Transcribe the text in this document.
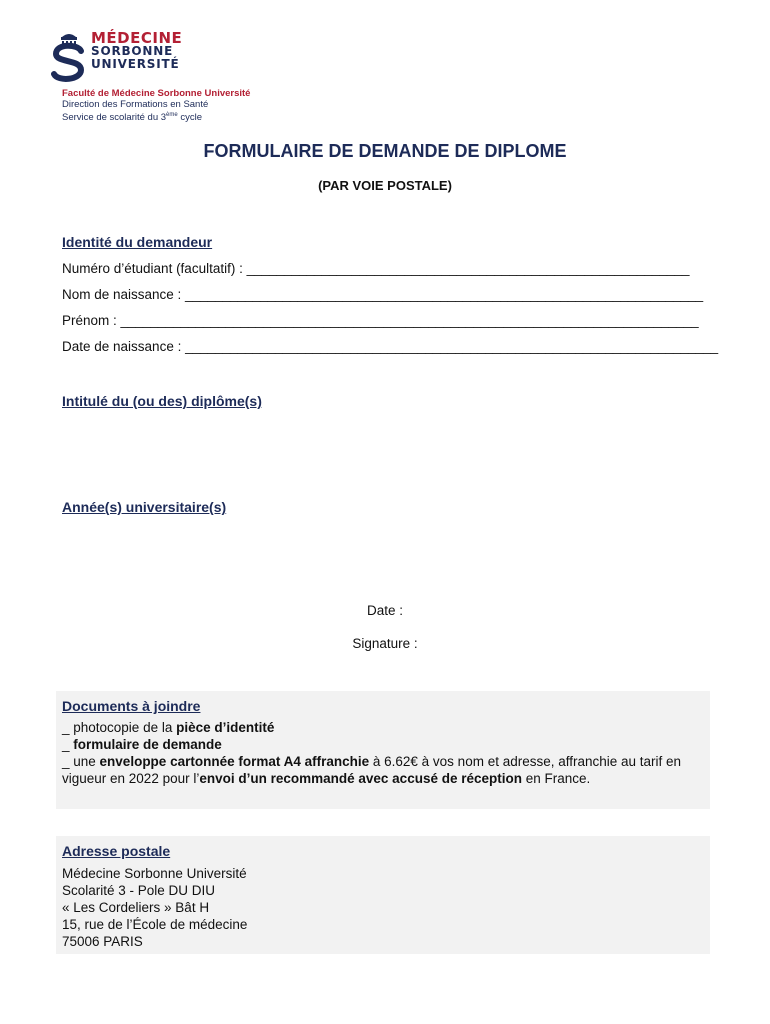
MÉDECINE
SORBONNE
UNIVERSITÉ
Faculté de Médecine Sorbonne Université
Direction des Formations en Santé
Service de scolarité du 3ème cycle
FORMULAIRE DE DEMANDE DE DIPLOME
(PAR VOIE POSTALE)
Identité du demandeur
Numéro d’étudiant (facultatif) : ___________________________________________________________
Nom de naissance : _____________________________________________________________________
Prénom : _____________________________________________________________________________
Date de naissance : _______________________________________________________________________
Intitulé du (ou des) diplôme(s)
Année(s) universitaire(s)
Date :
Signature :
Documents à joindre
_ photocopie de la pièce d’identité
_ formulaire de demande
_ une enveloppe cartonnée format A4 affranchie à 6.62€ à vos nom et adresse, affranchie au tarif en vigueur en 2022 pour l’envoi d’un recommandé avec accusé de réception en France.
Adresse postale
Médecine Sorbonne Université
Scolarité 3 - Pole DU DIU
« Les Cordeliers » Bât H
15, rue de l’École de médecine
75006 PARIS
